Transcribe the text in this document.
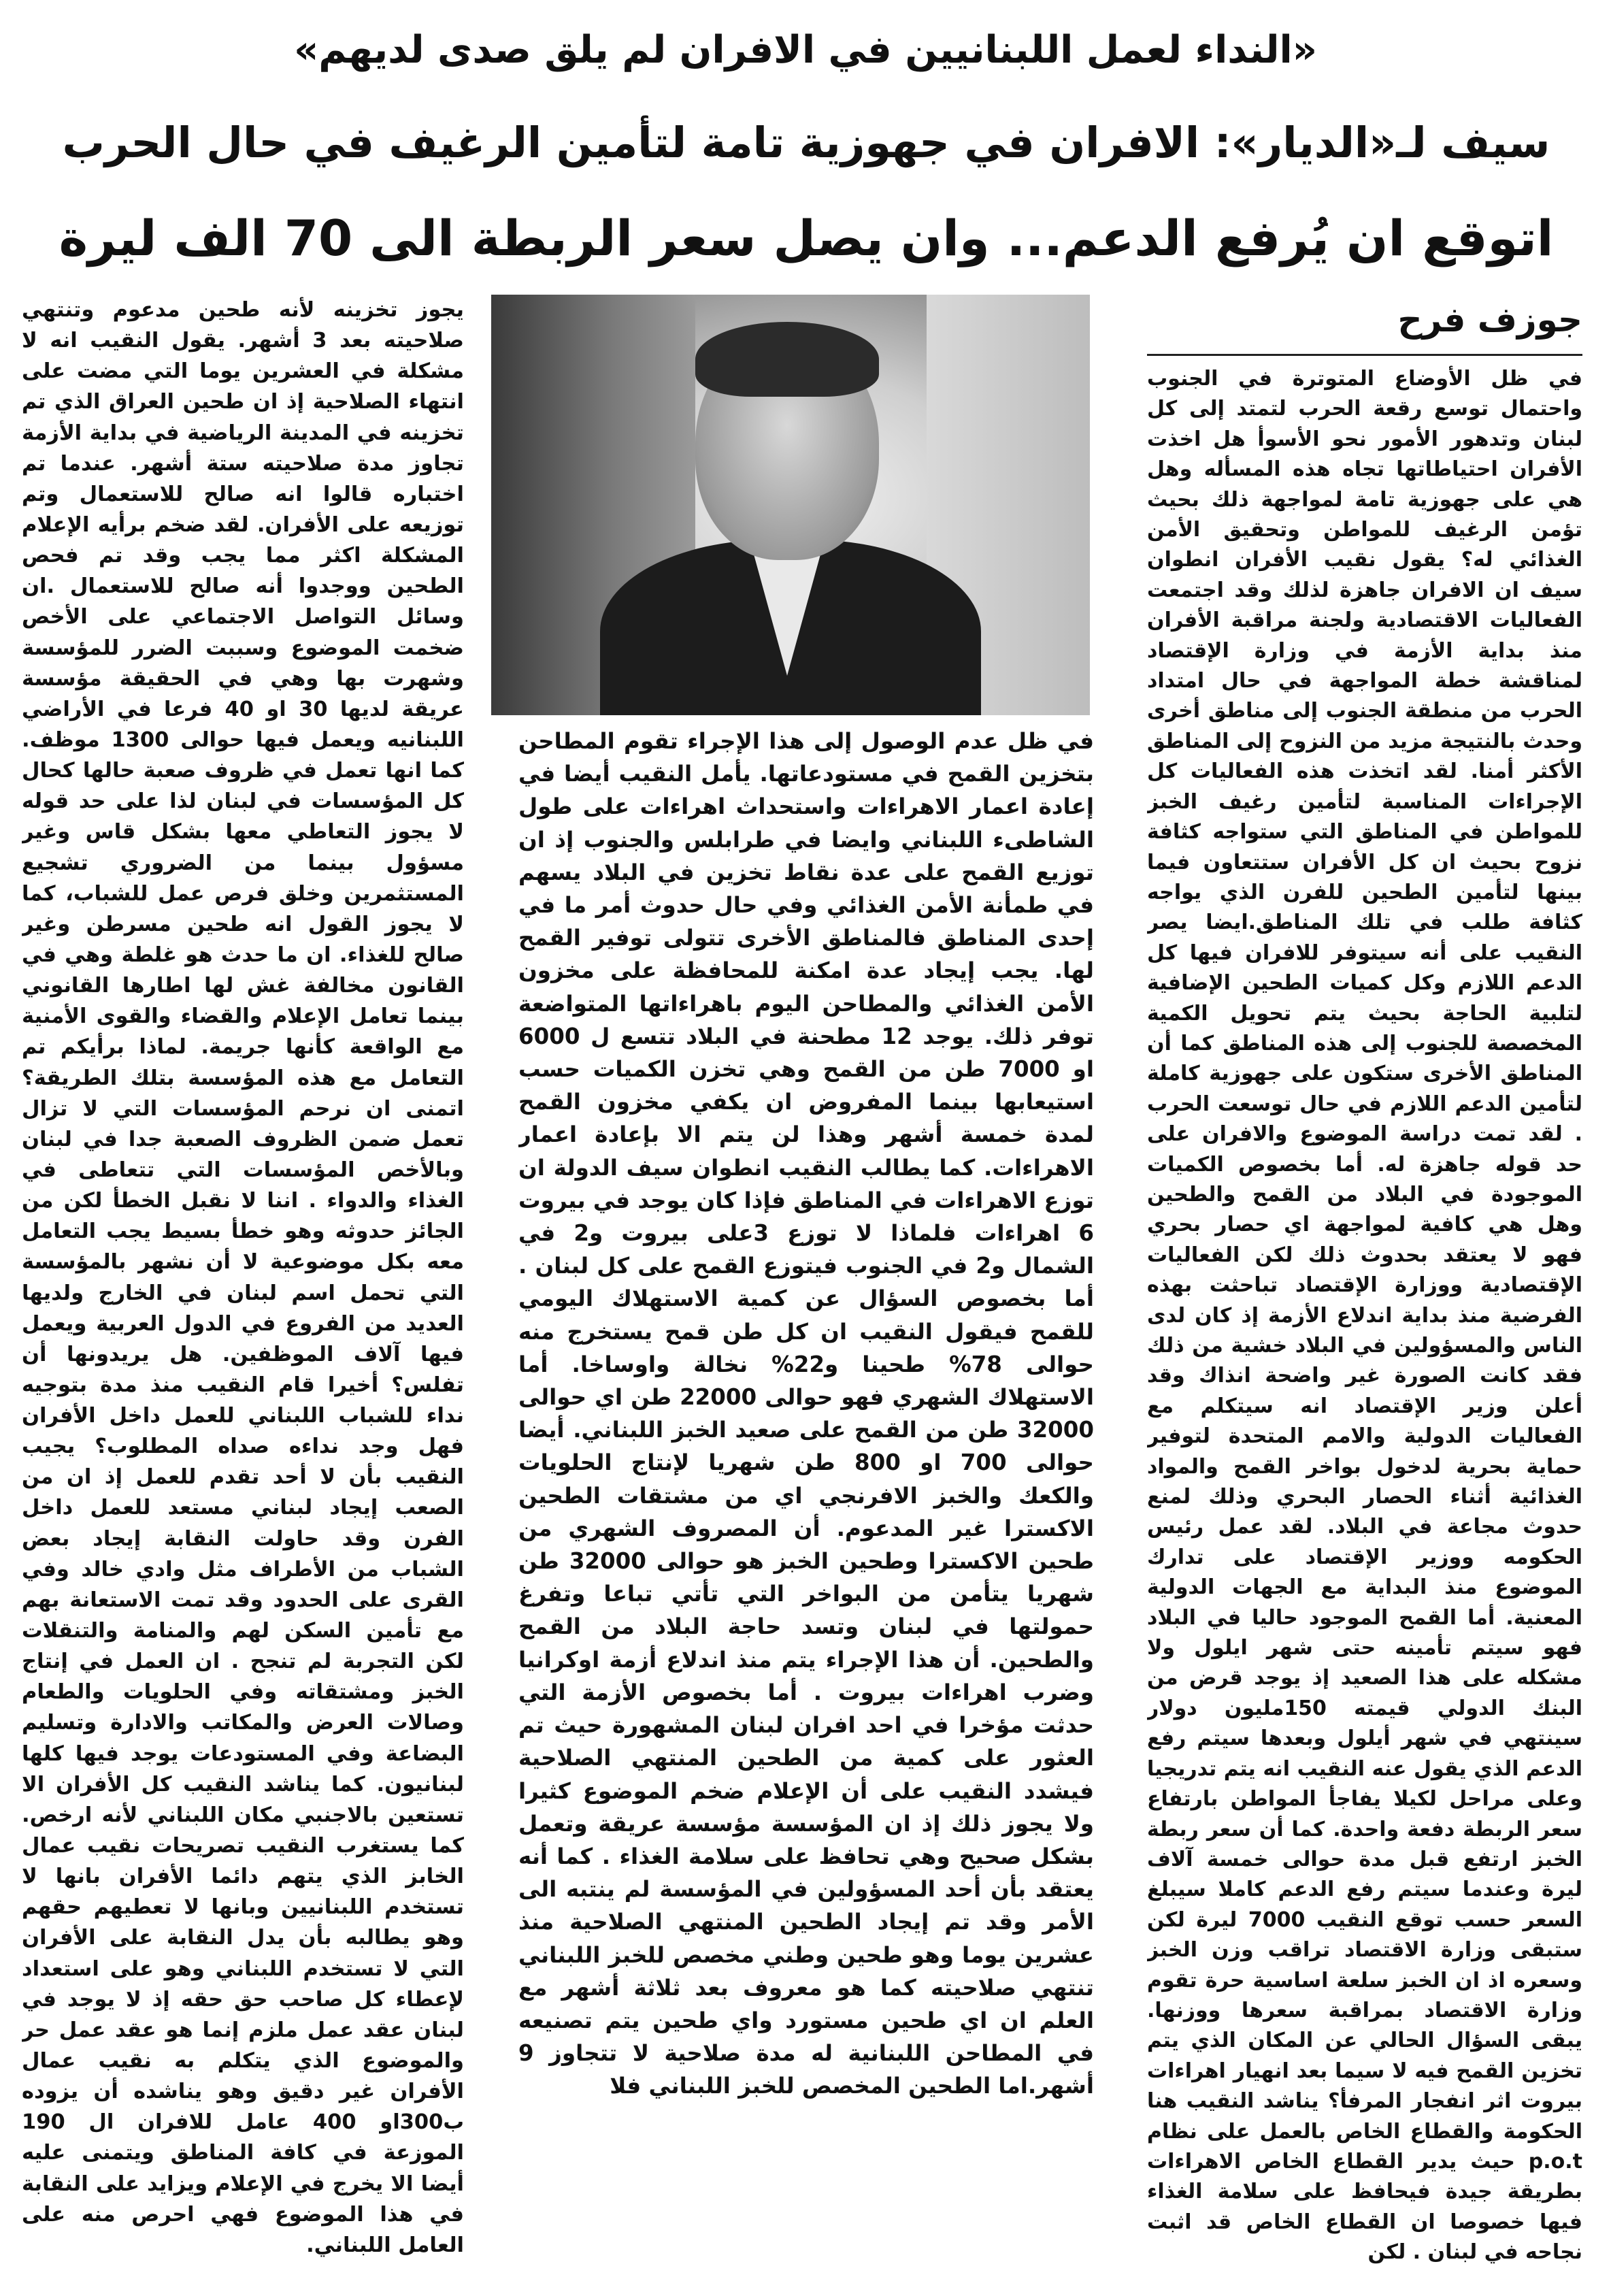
«النداء لعمل اللبنانيين في الافران لم يلق صدى لديهم»
سيف لـ«الديار»: الافران في جهوزية تامة لتأمين الرغيف في حال الحرب
اتوقع ان يُرفع الدعم... وان يصل سعر الربطة الى 70 الف ليرة
جوزف فرح

في ظل الأوضاع المتوترة في الجنوب واحتمال توسع رقعة الحرب لتمتد إلى كل لبنان وتدهور الأمور نحو الأسوأ هل اخذت الأفران احتياطاتها تجاه هذه المسأله وهل هي على جهوزية تامة لمواجهة ذلك بحيث تؤمن الرغيف للمواطن وتحقيق الأمن الغذائي له؟ يقول نقيب الأفران انطوان سيف ان الافران جاهزة لذلك وقد اجتمعت الفعاليات الاقتصادية ولجنة مراقبة الأفران منذ بداية الأزمة في وزارة الإقتصاد لمناقشة خطة المواجهة في حال امتداد الحرب من منطقة الجنوب إلى مناطق أخرى وحدث بالنتيجة مزيد من النزوح إلى المناطق الأكثر أمنا. لقد اتخذت هذه الفعاليات كل الإجراءات المناسبة لتأمين رغيف الخبز للمواطن في المناطق التي ستواجه كثافة نزوح بحيث ان كل الأفران ستتعاون فيما بينها لتأمين الطحين للفرن الذي يواجه كثافة طلب في تلك المناطق.ايضا يصر النقيب على أنه سيتوفر للافران فيها كل الدعم اللازم وكل كميات الطحين الإضافية لتلبية الحاجة بحيث يتم تحويل الكمية المخصصة للجنوب إلى هذه المناطق كما أن المناطق الأخرى ستكون على جهوزية كاملة لتأمين الدعم اللازم في حال توسعت الحرب . لقد تمت دراسة الموضوع والافران على حد قوله جاهزة له. أما بخصوص الكميات الموجودة في البلاد من القمح والطحين وهل هي كافية لمواجهة اي حصار بحري فهو لا يعتقد بحدوث ذلك لكن الفعاليات الإقتصادية ووزارة الإقتصاد تباحثت بهذه الفرضية منذ بداية اندلاع الأزمة إذ كان لدى الناس والمسؤولين في البلاد خشية من ذلك فقد كانت الصورة غير واضحة انذاك وقد أعلن وزير الإقتصاد انه سيتكلم مع الفعاليات الدولية والامم المتحدة لتوفير حماية بحرية لدخول بواخر القمح والمواد الغذائية أثناء الحصار البحري وذلك لمنع حدوث مجاعة في البلاد. لقد عمل رئيس الحكومه ووزير الإقتصاد على تدارك الموضوع منذ البداية مع الجهات الدولية المعنية. أما القمح الموجود حاليا في البلاد فهو سيتم تأمينه حتى شهر ايلول ولا مشكله على هذا الصعيد إذ يوجد قرض من البنك الدولي قيمته 150مليون دولار سينتهي في شهر أيلول وبعدها سيتم رفع الدعم الذي يقول عنه النقيب انه يتم تدريجيا وعلى مراحل لكيلا يفاجأ المواطن بارتفاع سعر الربطة دفعة واحدة. كما أن سعر ربطة الخبز ارتفع قبل مدة حوالى خمسة آلاف ليرة وعندما سيتم رفع الدعم كاملا سيبلغ السعر حسب توقع النقيب 7000 ليرة لكن ستبقى وزارة الاقتصاد تراقب وزن الخبز وسعره اذ ان الخبز سلعة اساسية حرة تقوم وزارة الاقتصاد بمراقبة سعرها ووزنها. يبقى السؤال الحالي عن المكان الذي يتم تخزين القمح فيه لا سيما بعد انهيار اهراءات بيروت اثر انفجار المرفأ؟ يناشد النقيب هنا الحكومة والقطاع الخاص بالعمل على نظام p.o.t حيث يدير القطاع الخاص الاهراءات بطريقة جيدة فيحافظ على سلامة الغذاء فيها خصوصا ان القطاع الخاص قد اثبت نجاحه في لبنان . لكن

في ظل عدم الوصول إلى هذا الإجراء تقوم المطاحن بتخزين القمح في مستودعاتها. يأمل النقيب أيضا في إعادة اعمار الاهراءات واستحداث اهراءات على طول الشاطىء اللبناني وايضا في طرابلس والجنوب إذ ان توزيع القمح على عدة نقاط تخزين في البلاد يسهم في طمأنة الأمن الغذائي وفي حال حدوث أمر ما في إحدى المناطق فالمناطق الأخرى تتولى توفير القمح لها. يجب إيجاد عدة امكنة للمحافظة على مخزون الأمن الغذائي والمطاحن اليوم باهراءاتها المتواضعة توفر ذلك. يوجد 12 مطحنة في البلاد تتسع ل 6000 او 7000 طن من القمح وهي تخزن الكميات حسب استيعابها بينما المفروض ان يكفي مخزون القمح لمدة خمسة أشهر وهذا لن يتم الا بإعادة اعمار الاهراءات. كما يطالب النقيب انطوان سيف الدولة ان توزع الاهراءات في المناطق فإذا كان يوجد في بيروت 6 اهراءات فلماذا لا توزع 3على بيروت و2 في الشمال و2 في الجنوب فيتوزع القمح على كل لبنان . أما بخصوص السؤال عن كمية الاستهلاك اليومي للقمح فيقول النقيب ان كل طن قمح يستخرج منه حوالى 78% طحينا و22% نخالة واوساخا. أما الاستهلاك الشهري فهو حوالى 22000 طن اي حوالى 32000 طن من القمح على صعيد الخبز اللبناني. أيضا حوالى 700 او 800 طن شهريا لإنتاج الحلويات والكعك والخبز الافرنجي اي من مشتقات الطحين الاكسترا غير المدعوم. أن المصروف الشهري من طحين الاكسترا وطحين الخبز هو حوالى 32000 طن شهريا يتأمن من البواخر التي تأتي تباعا وتفرغ حمولتها في لبنان وتسد حاجة البلاد من القمح والطحين. أن هذا الإجراء يتم منذ اندلاع أزمة اوكرانيا وضرب اهراءات بيروت . أما بخصوص الأزمة التي حدثت مؤخرا في احد افران لبنان المشهورة حيث تم العثور على كمية من الطحين المنتهي الصلاحية فيشدد النقيب على أن الإعلام ضخم الموضوع كثيرا ولا يجوز ذلك إذ ان المؤسسة مؤسسة عريقة وتعمل بشكل صحيح وهي تحافظ على سلامة الغذاء . كما أنه يعتقد بأن أحد المسؤولين في المؤسسة لم ينتبه الى الأمر وقد تم إيجاد الطحين المنتهي الصلاحية منذ عشرين يوما وهو طحين وطني مخصص للخبز اللبناني تنتهي صلاحيته كما هو معروف بعد ثلاثة أشهر مع العلم ان اي طحين مستورد واي طحين يتم تصنيعه في المطاحن اللبنانية له مدة صلاحية لا تتجاوز 9 أشهر.اما الطحين المخصص للخبز اللبناني فلا

يجوز تخزينه لأنه طحين مدعوم وتنتهي صلاحيته بعد 3 أشهر. يقول النقيب انه لا مشكلة في العشرين يوما التي مضت على انتهاء الصلاحية إذ ان طحين العراق الذي تم تخزينه في المدينة الرياضية في بداية الأزمة تجاوز مدة صلاحيته ستة أشهر. عندما تم اختباره قالوا انه صالح للاستعمال وتم توزيعه على الأفران. لقد ضخم برأيه الإعلام المشكلة اكثر مما يجب وقد تم فحص الطحين ووجدوا أنه صالح للاستعمال .ان وسائل التواصل الاجتماعي على الأخص ضخمت الموضوع وسببت الضرر للمؤسسة وشهرت بها وهي في الحقيقة مؤسسة عريقة لديها 30 او 40 فرعا في الأراضي اللبنانيه ويعمل فيها حوالى 1300 موظف. كما انها تعمل في ظروف صعبة حالها كحال كل المؤسسات في لبنان لذا على حد قوله لا يجوز التعاطي معها بشكل قاس وغير مسؤول بينما من الضروري تشجيع المستثمرين وخلق فرص عمل للشباب، كما لا يجوز القول انه طحين مسرطن وغير صالح للغذاء. ان ما حدث هو غلطة وهي في القانون مخالفة غش لها اطارها القانوني بينما تعامل الإعلام والقضاء والقوى الأمنية مع الواقعة كأنها جريمة. لماذا برأيكم تم التعامل مع هذه المؤسسة بتلك الطريقة؟ اتمنى ان نرحم المؤسسات التي لا تزال تعمل ضمن الظروف الصعبة جدا في لبنان وبالأخص المؤسسات التي تتعاطى في الغذاء والدواء . اننا لا نقبل الخطأ لكن من الجائز حدوثه وهو خطأ بسيط يجب التعامل معه بكل موضوعية لا أن نشهر بالمؤسسة التي تحمل اسم لبنان في الخارج ولديها العديد من الفروع في الدول العربية ويعمل فيها آلاف الموظفين. هل يريدونها أن تفلس؟ أخيرا قام النقيب منذ مدة بتوجيه نداء للشباب اللبناني للعمل داخل الأفران فهل وجد نداءه صداه المطلوب؟ يجيب النقيب بأن لا أحد تقدم للعمل إذ ان من الصعب إيجاد لبناني مستعد للعمل داخل الفرن وقد حاولت النقابة إيجاد بعض الشباب من الأطراف مثل وادي خالد وفي القرى على الحدود وقد تمت الاستعانة بهم مع تأمين السكن لهم والمنامة والتنقلات لكن التجربة لم تنجح . ان العمل في إنتاج الخبز ومشتقاته وفي الحلويات والطعام وصالات العرض والمكاتب والادارة وتسليم البضاعة وفي المستودعات يوجد فيها كلها لبنانيون. كما يناشد النقيب كل الأفران الا تستعين بالاجنبي مكان اللبناني لأنه ارخص. كما يستغرب النقيب تصريحات نقيب عمال الخابز الذي يتهم دائما الأفران بانها لا تستخدم اللبنانيين وبانها لا تعطيهم حقهم وهو يطالبه بأن يدل النقابة على الأفران التي لا تستخدم اللبناني وهو على استعداد لإعطاء كل صاحب حق حقه إذ لا يوجد في لبنان عقد عمل ملزم إنما هو عقد عمل حر والموضوع الذي يتكلم به نقيب عمال الأفران غير دقيق وهو يناشده أن يزوده ب300او 400 عامل للافران ال 190 الموزعة في كافة المناطق ويتمنى عليه أيضا الا يخرج في الإعلام ويزايد على النقابة في هذا الموضوع فهي احرص منه على العامل اللبناني.
